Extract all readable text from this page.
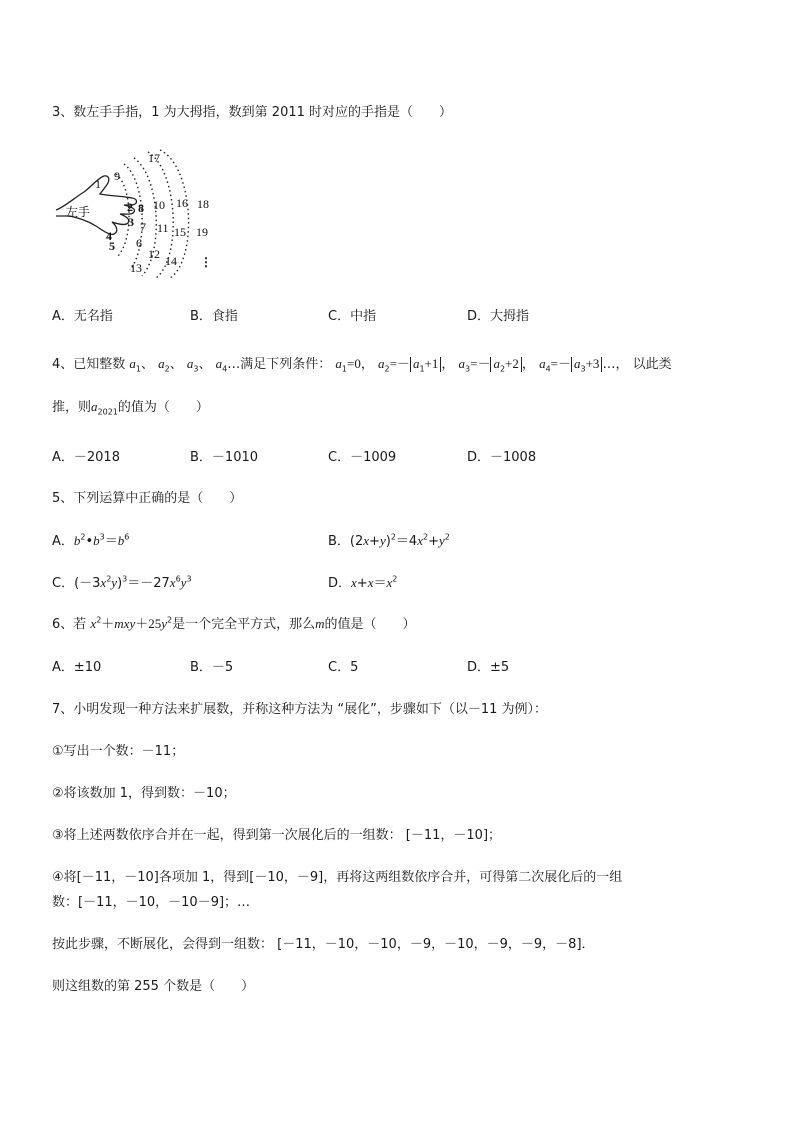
3、数左手手指，1 为大拇指，数到第 2011 时对应的手指是（　　）
左手
1
2
3
4
5 6
7
8
9
10
11
12
13 14
15
16
17
18
19
⋮
A．无名指	B．食指	C．中指	D．大拇指
4、已知整数 $a_1$、 $a_2$、 $a_3$、 $a_4\dots$满足下列条件： $a_1=0$， $a_2=- a_1+1$ ， $a_3=- a_2+2$ ， $a_4=- a_3+3$ …， 以此类
推，则$a_{2021}$的值为（　　）
A．－2018	B．－1010	C．－1009	D．－1008
5、下列运算中正确的是（　　）
A．$b^2•b^3=b^6$	B．$(2x+y)^2=4x^2+y^2$
C．$(-3x^2y)^3=-27x^6y^3$	D．$x+x=x^2$
6、若 $x^2+mxy+25y^2$是一个完全平方式，那么m的值是（　　）
A．±10	B．－5	C．5	D．±5
7、小明发现一种方法来扩展数，并称这种方法为 “展化”，步骤如下（以－11 为例）：
①写出一个数：－11；
②将该数加 1，得到数：－10；
③将上述两数依序合并在一起，得到第一次展化后的一组数： [－11，－10]；
④将[－11，－10]各项加 1，得到[－10，－9]，再将这两组数依序合并，可得第二次展化后的一组
数：[－11，－10，－10－9]；…
按此步骤，不断展化，会得到一组数： [－11，－10，－10，－9，－10，－9，－9，－8]．
则这组数的第 255 个数是（　　）
